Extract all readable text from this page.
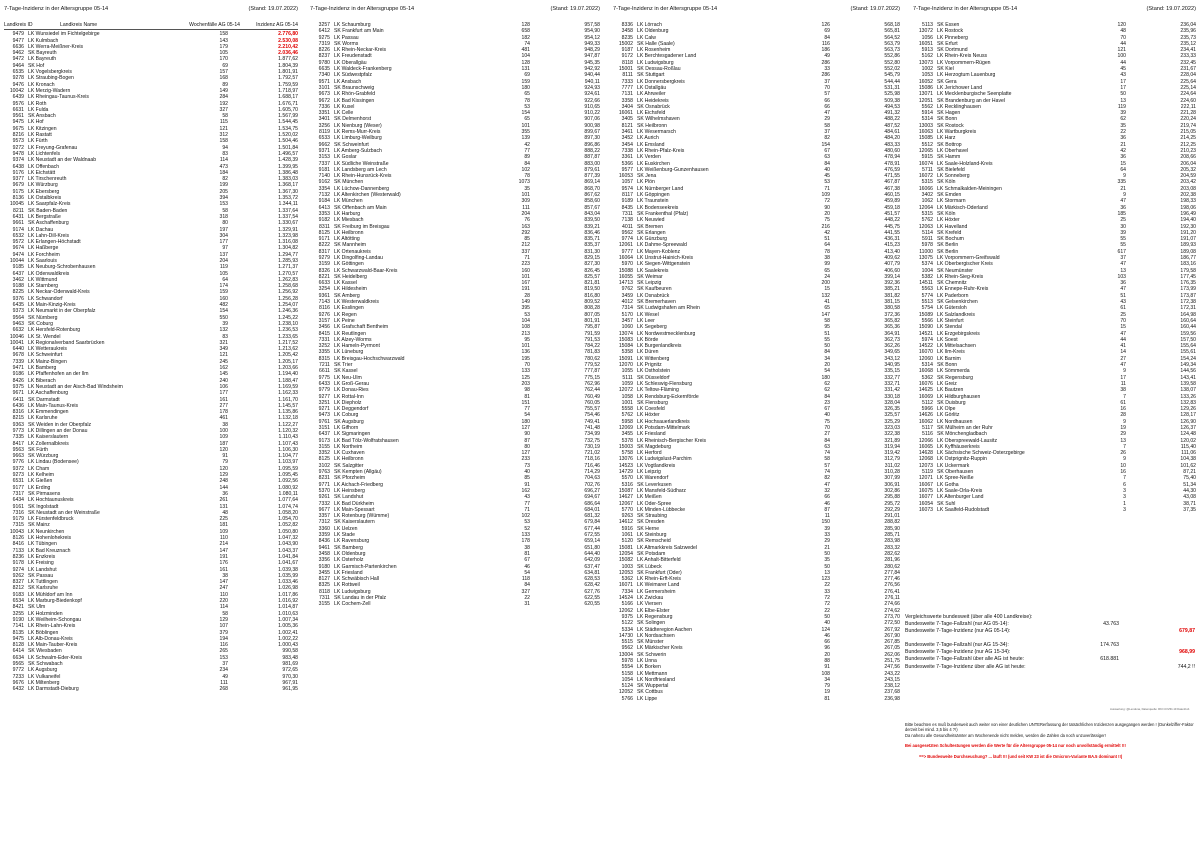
7-Tage-Inzidenz in der Altersgruppe 05-14	(Stand: 19.07.2022) 7-Tage-Inzidenz in der Altersgruppe 05-14	(Stand: 19.07.2022) 7-Tage-Inzidenz in der Altersgruppe 05-14	(Stand: 19.07.2022) 7-Tage-Inzidenz in der Altersgruppe 05-14	(Stand: 19.07.2022)
Landkreis ID	Landkreis Name	Wochenfälle AG 05-14	Inzidenz AG 05-14
9479 LK Wunsiedel im Fichtelgebirge	158	2.776,80
9477 LK Kulmbach	143	2.530,08
6636 LK Werra-Meißner-Kreis	179	2.210,42
9462 SK Bayreuth	105	2.036,46
9472 LK Bayreuth	170	1.877,62
9464 SK Hof	69	1.804,39
6535 LK Vogelsbergkreis	157	1.801,91
9278 LK Straubing-Bogen	168	1.792,57
9476 LK Kronach	89	1.759,59
10042 LK Merzig-Wadern	149	1.718,97
6439 LK Rheingau-Taunus-Kreis	284	1.688,17
9576 LK Roth	192	1.676,71
6631 LK Fulda	327	1.605,70
9561 SK Ansbach	58	1.567,99
9475 LK Hof	115	1.544,45
9675 LK Kitzingen	121	1.534,75
8216 LK Rastatt	312	1.520,02
9573 LK Fürth	158	1.504,46
9272 LK Freyung-Grafenau	94	1.501,84
9478 LK Lichtenfels	83	1.496,57
9374 LK Neustadt an der Waldnaab	114	1.428,39
6438 LK Offenbach	473	1.399,95
9176 LK Eichstätt	184	1.386,48
9377 LK Tirschenreuth	82	1.383,03
9679 LK Würzburg	199	1.368,17
9175 LK Ebersberg	205	1.367,30
8136 LK Ostalbkreis	394	1.353,72
10045 LK Saarpfalz-Kreis	153	1.344,11
8211 SK Baden-Baden	58	1.337,64
6431 LK Bergstraße	318	1.337,54
9661 SK Aschaffenburg	80	1.330,67
9174 LK Dachau	197	1.329,91
6532 LK Lahn-Dill-Kreis	304	1.323,98
9572 LK Erlangen-Höchstadt	177	1.316,08
9674 LK Haßberge	97	1.304,82
9474 LK Forchheim	137	1.294,77
10044 LK Saarlouis	204	1.285,93
9185 LK Neuburg-Schrobenhausen	119	1.271,37
6437 LK Odenwaldkreis	105	1.270,57
3462 LK Wittmund	64	1.262,83
9188 LK Starnberg	174	1.258,68
8225 LK Neckar-Odenwald-Kreis	159	1.256,92
9376 LK Schwandorf	160	1.256,28
6435 LK Main-Kinzig-Kreis	482	1.254,07
9373 LK Neumarkt in der Oberpfalz	154	1.246,36
9564 SK Nürnberg	550	1.245,22
9463 SK Coburg	39	1.238,10
6632 LK Hersfeld-Rotenburg	132	1.236,53
10046 LK St. Wendel	83	1.233,65
10041 LK Regionalverband Saarbrücken	321	1.217,52
6440 LK Wetteraukreis	349	1.213,62
9678 LK Schweinfurt	121	1.205,42
7339 LK Mainz-Bingen	245	1.205,17
9471 LK Bamberg	162	1.203,66
9186 LK Pfaffenhofen an der Ilm	145	1.194,40
8426 LK Biberach	240	1.188,47
9375 LK Neustadt an der Aisch-Bad Windsheim	106	1.169,59
9671 LK Aschaffenburg	177	1.162,33
6411 SK Darmstadt	161	1.161,70
6436 LK Main-Taunus-Kreis	277	1.145,57
8316 LK Emmendingen	178	1.135,86
8215 LK Karlsruhe	461	1.132,18
9363 SK Weiden in der Oberpfalz	38	1.122,27
9773 LK Dillingen an der Donau	100	1.120,32
7335 LK Kaiserslautern	109	1.110,43
8417 LK Zollernalbkreis	187	1.107,43
9563 SK Fürth	120	1.106,30
9663 SK Würzburg	91	1.104,77
9776 LK Lindau (Bodensee)	79	1.103,97
9372 LK Cham	120	1.095,59
9273 LK Kelheim	129	1.095,45
6531 LK Gießen	248	1.092,56
9177 LK Erding	144	1.080,92
7317 SK Pirmasens	36	1.080,11
6434 LK Hochtaunuskreis	261	1.077,64
9161 SK Ingolstadt	131	1.074,74
7316 SK Neustadt an der Weinstraße	48	1.058,20
9179 LK Fürstenfeldbruck	225	1.054,70
7315 SK Mainz	181	1.052,82
10043 LK Neunkirchen	109	1.050,80
8126 LK Hohenlohekreis	110	1.047,32
8416 LK Tübingen	214	1.043,90
7133 LK Bad Kreuznach	147	1.043,37
8236 LK Enzkreis	191	1.041,84
9178 LK Freising	176	1.041,67
9274 LK Landshut	161	1.039,38
9262 SK Passau	38	1.035,99
8327 LK Tuttlingen	147	1.033,46
8212 SK Karlsruhe	247	1.026,98
9183 LK Mühldorf am Inn	110	1.017,86
6534 LK Marburg-Biedenkopf	220	1.016,92
8421 SK Ulm	114	1.014,87
3255 LK Holzminden	58	1.010,63
9190 LK Weilheim-Schongau	129	1.007,34
7141 LK Rhein-Lahn-Kreis	107	1.005,36
8135 LK Böblingen	379	1.002,41
9475 LK Alb-Donau-Kreis	194	1.002,22
8128 LK Main-Tauber-Kreis	116	1.000,43
6414 SK Wiesbaden	265	990,58
6634 LK Schwalm-Eder-Kreis	153	983,48
9565 SK Schwabach	37	981,69
9772 LK Augsburg	234	972,65
7233 LK Vulkaneifel	49	970,30
9676 LK Miltenberg	111	967,91
6432 LK Darmstadt-Dieburg	268	961,95
3257 LK Schaumburg	128	957,58
6412 SK Frankfurt am Main	658	954,90
9275 LK Passau	182	954,12
7319 SK Worms	74	949,33
8226 LK Rhein-Neckar-Kreis	481	948,29
8237 LK Freudenstadt	104	947,87
9780 LK Oberallgäu	128	945,35
6635 LK Waldeck-Frankenberg	131	942,92
7340 LK Südwestpfalz	69	940,44
9571 LK Ansbach	159	940,11
3101 SK Braunschweig	180	924,93
9673 LK Rhön-Grabfeld	65	924,61
9672 LK Bad Kissingen	78	922,66
7336 LK Kusel	53	910,65
3351 LK Celle	154	910,22
3401 SK Delmenhorst	65	907,06
3256 LK Nienburg (Weser)	101	900,98
8119 LK Rems-Murr-Kreis	355	899,67
6533 LK Limburg-Weilburg	139	897,30
9662 SK Schweinfurt	42	896,86
9371 LK Amberg-Sulzbach	77	888,22
3153 LK Goslar	89	887,87
7337 LK Südliche Weinstraße	84	883,00
9181 LK Landsberg am Lech	102	879,61
7140 LK Rhein-Hunsrück-Kreis	78	877,39
9162 SK München	1073	869,14
3354 LK Lüchow-Dannenberg	35	868,70
7132 LK Altenkirchen (Westerwald)	101	867,62
9184 LK München	309	858,60
6413 SK Offenbach am Main	111	857,67
3353 LK Harburg	204	843,04
9182 LK Miesbach	76	839,50
8311 SK Freiburg im Breisgau	163	839,21
8125 LK Heilbronn	292	836,46
9171 LK Altötting	85	835,71
8222 SK Mannheim	212	835,37
8317 LK Ortenaukreis	337	831,30
9279 LK Dingolfing-Landau	71	829,15
3159 LK Göttingen	223	827,30
8326 LK Schwarzwald-Baar-Kreis	160	826,45
8221 SK Heidelberg	101	825,57
6633 LK Kassel	167	821,81
3254 LK Hildesheim	191	819,50
9361 SK Amberg	28	816,80
7143 LK Westerwaldkreis	149	809,52
8116 LK Esslingen	395	808,28
9276 LK Regen	53	807,05
3157 LK Peine	104	801,91
3456 LK Grafschaft Bentheim	108	795,87
8415 LK Reutlingen	213	791,59
7331 LK Alzey-Worms	95	791,53
3252 LK Hameln-Pyrmont	101	784,22
3355 LK Lüneburg	136	781,83
8315 LK Breisgau-Hochschwarzwald	195	780,62
7211 SK Trier	70	779,52
6611 SK Kassel	133	777,87
9775 LK Neu-Ulm	125	775,15
6433 LK Groß-Gerau	203	762,96
9779 LK Donau-Ries	98	762,44
9277 LK Rottal-Inn	81	760,49
3251 LK Diepholz	151	760,05
9271 LK Deggendorf	77	755,57
9473 LK Coburg	54	754,46
9761 SK Augsburg	180	749,41
3151 LK Gifhorn	127	741,48
6437 LK Sigmaringen	90	734,99
9173 LK Bad Tölz-Wolfratshausen	87	732,75
3155 LK Northeim	80	730,19
3352 LK Cuxhaven	127	721,02
8125 LK Heilbronn	233	718,16
3102 SK Salzgitter	73	716,46
9763 SK Kempten (Allgäu)	40	714,29
8231 SK Pforzheim	85	704,63
9771 LK Aichach-Friedberg	91	702,76
5370 LK Heinsberg	162	696,27
9261 SK Landshut	43	694,67
7332 LK Bad Dürkheim	77	686,64
9677 LK Main-Spessart	71	684,01
3357 LK Rotenburg (Wümme)	102	681,32
7312 SK Kaiserslautern	53	679,84
3360 LK Uelzen	52	677,44
3359 LK Stade	133	672,55
8436 LK Ravensburg	178	659,14
9461 SK Bamberg	38	651,80
3458 LK Oldenburg	81	644,40
3356 LK Osterholz	67	642,09
9180 LK Garmisch-Partenkirchen	46	637,47
3455 LK Friesland	54	634,81
8127 LK Schwäbisch Hall	118	628,53
8325 LK Rottweil	84	628,42
8118 LK Ludwigsburg	327	627,76
7311 SK Landau in der Pfalz	22	622,55
3155 LK Cochem-Zell	31	620,55
8336 LK Lörrach	126	568,18
3458 LK Oldenburg	69	565,81
8235 LK Calw	84	564,52
15002 SK Halle (Saale)	116	563,79
9187 LK Rosenheim	186	563,73
9172 LK Berchtesgadener Land	49	552,86
8118 LK Ludwigsburg	286	552,80
15001 SK Dessau-Roßlau	33	552,02
8111 SK Stuttgart	286	545,79
7333 LK Donnersbergkreis	37	544,44
7777 LK Ostallgäu	70	531,31
7131 LK Ahrweiler	57	525,98
3358 LK Heidekreis	66	509,38
3404 SK Osnabrück	66	494,53
16061 LK Eichsfeld	47	491,32
3405 SK Wilhelmshaven	29	488,22
8121 SK Heilbronn	58	487,52
3461 LK Wesermarsch	37	484,61
3452 LK Aurich	82	484,20
3454 LK Emsland	154	483,33
7338 LK Rhein-Pfalz-Kreis	67	480,60
3361 LK Verden	63	478,94
5366 LK Euskirchen	84	478,91
9577 LK Weißenburg-Gunzenhausen	40	476,59
16053 SK Jena	45	471,55
1057 LK Plön	53	467,87
9574 LK Nürnberger Land	71	467,38
8117 LK Göppingen	109	460,15
9189 LK Traunstein	72	459,89
8435 LK Bodenseekreis	90	459,18
7311 SK Frankenthal (Pfalz)	20	451,57
7138 LK Neuwied	75	448,22
4011 SK Bremen	216	445,75
9562 SK Erlangen	42	441,55
9774 LK Günzburg	51	436,31
12061 LK Dahme-Spreewald	64	415,23
9777 LK Mayen-Koblenz	78	413,40
16064 LK Unstrut-Hainich-Kreis	38	409,62
5970 LK Siegen-Wittgenstein	99	407,79
15088 LK Saalekreis	65	406,60
16055 SK Weimar	24	399,14
14713 SK Leipzig	200	392,36
9762 SK Kaufbeuren	15	385,21
3459 LK Osnabrück	132	381,82
4012 SK Bremerhaven	41	381,15
7314 SK Ludwigshafen am Rhein	65	380,58
5170 LK Wesel	147	372,36
3457 LK Leer	58	365,82
1060 LK Segeberg	95	365,36
13074 LK Nordwestmecklenburg	51	364,91
15083 LK Börde	55	362,73
15084 LK Burgenlandkreis	50	362,26
5358 LK Düren	84	349,65
15091 LK Wittenberg	34	343,12
12070 LK Prignitz	20	340,95
1055 LK Ostholstein	54	335,15
5111 SK Düsseldorf	180	332,77
1059 LK Schleswig-Flensburg	62	332,71
12072 LK Teltow-Fläming	62	331,42
1058 LK Rendsburg-Eckernförde	84	330,18
1001 SK Flensburg	23	328,04
5558 LK Coesfeld	67	326,35
5762 LK Höxter	40	325,57
5958 LK Hochsauerlandkreis	75	325,29
12069 LK Potsdam-Mittelmark	70	323,03
3455 LK Friesland	27	322,38
5378 LK Rheinisch-Bergischer Kreis	84	321,89
15003 SK Magdeburg	63	319,94
5758 LK Herford	74	319,42
13076 LK Ludwigslust-Parchim	58	312,79
14523 LK Vogtlandkreis	57	311,02
14729 LK Leipzig	74	310,28
5570 LK Warendorf	82	307,99
5316 SK Leverkusen	47	306,91
15087 LK Mansfeld-Südharz	32	302,86
14627 LK Meißen	66	295,88
12067 LK Oder-Spree	46	295,72
5770 LK Minden-Lübbecke	87	292,29
9263 SK Straubing	11	291,01
14612 SK Dresden	150	288,82
5916 SK Herne	39	285,90
1061 LK Steinburg	33	285,71
5120 SK Remscheid	29	283,98
15081 LK Altmarkkreis Salzwedel	21	283,32
12054 SK Potsdam	50	282,62
15082 LK Anhalt-Bitterfeld	35	281,96
1003 SK Lübeck	50	280,62
12053 SK Frankfurt (Oder)	13	277,84
5362 LK Rhein-Erft-Kreis	123	277,46
16071 LK Weimarer Land	22	276,56
7334 LK Germersheim	33	276,41
14524 LK Zwickau	72	276,11
5166 LK Viersen	72	274,66
12062 LK Elbe-Elster	22	274,62
9375 LK Regensburg	50	273,70
5122 SK Solingen	40	272,50
5334 LK Städteregion Aachen	124	267,92
14730 LK Nordsachsen	46	267,90
5515 SK Münster	66	267,85
9562 LK Märkischer Kreis	96	267,05
13004 SK Schwerin	20	262,06
5978 LK Unna	88	251,75
5554 LK Borken	91	247,56
5158 LK Mettmann	108	243,22
1054 LK Nordfriesland	34	243,15
5124 SK Wuppertal	79	238,12
12052 SK Cottbus	19	237,68
5766 LK Lippe	81	236,98
5113 SK Essen	120	236,04
13072 LK Rostock	48	235,96
1056 LK Pinneberg	70	235,73
16051 SK Erfurt	44	235,12
5913 SK Dortmund	121	234,41
5162 LK Rhein-Kreis Neuss	100	233,33
13073 LK Vorpommern-Rügen	44	232,45
1002 SK Kiel	45	231,67
1053 LK Herzogtum Lauenburg	43	228,04
16052 SK Gera	17	225,64
15086 LK Jerichower Land	17	225,14
13071 LK Mecklenburgische Seenplatte	50	224,64
12051 SK Brandenburg an der Havel	13	224,60
5562 LK Recklinghausen	119	222,11
5914 SK Hagen	39	221,28
5314 SK Bonn	62	220,24
13003 SK Rostock	35	219,74
16063 LK Wartburgkreis	22	215,05
15085 LK Harz	36	214,25
5512 SK Bottrop	21	212,25
12065 LK Oberhavel	42	210,23
5915 SK Hamm	36	208,66
16074 LK Saale-Holzland-Kreis	15	206,04
5711 SK Bielefeld	64	205,32
16072 LK Sonneberg	9	204,59
5315 SK Köln	335	203,42
16066 LK Schmalkalden-Meiningen	21	203,08
3402 SK Emden	9	202,38
1062 LK Stormarn	47	198,33
12064 LK Märkisch-Oderland	36	198,06
5315 SK Köln	185	196,49
5762 LK Höxter	25	194,40
12063 LK Havelland	30	192,30
5114 SK Krefeld	39	191,20
5911 SK Bochum	55	191,07
5978 SK Berlin	55	189,93
11000 SK Berlin	617	189,08
13075 LK Vorpommern-Greifswald	37	186,77
5374 LK Oberbergischer Kreis	47	183,16
1004 SK Neumünster	13	179,58
5382 LK Rhein-Sieg-Kreis	103	177,45
14511 SK Chemnitz	36	176,35
5563 LK Ennepe-Ruhr-Kreis	47	173,99
5774 LK Paderborn	51	173,87
5513 SK Gelsenkirchen	43	172,38
5754 LK Gütersloh	61	172,31
15089 LK Salzlandkreis	25	164,98
5566 LK Steinfurt	70	160,64
15090 LK Stendal	15	160,44
14521 LK Erzgebirgskreis	47	159,56
5974 LK Soest	44	157,50
14522 LK Mittelsachsen	41	155,64
16070 LK Ilm-Kreis	14	155,61
12060 LK Barnim	27	154,24
5314 SK Bonn	47	149,34
16068 LK Sömmerda	9	144,56
5362 SK Regensburg	17	143,41
16076 LK Greiz	11	139,58
14625 LK Bautzen	38	138,07
16069 LK Hildburghausen	7	133,26
5112 SK Duisburg	61	132,83
5966 LK Olpe	16	129,26
14626 LK Görlitz	28	128,17
16062 LK Nordhausen	9	126,90
5117 SK Mülheim an der Ruhr	19	126,37
5116 SK Mönchengladbach	29	124,48
12066 LK Oberspreewald-Lausitz	13	120,02
16065 LK Kyffhäuserkreis	7	115,40
14628 LK Sächsische Schweiz-Osterzgebirge	26	111,06
12068 LK Ostprignitz-Ruppin	9	104,38
12073 LK Uckermark	10	101,62
5119 SK Oberhausen	16	87,21
12071 LK Spree-Neiße	7	75,40
16067 LK Gotha	6	51,34
16075 LK Saale-Orla-Kreis	3	44,30
16077 LK Altenburger Land	3	43,08
16054 SK Suhl	1	38,71
16073 LK Saalfeld-Rudolstadt	3	37,35
Vergleichswerte bundesweit (über alle 400 Landkreise):
Bundesweite 7-Tage-Fallzahl (nur AG 05-14):	43.763
Bundesweite 7-Tage-Inzidenz (nur AG 05-14):	679,87
Bundesweite 7-Tage-Fallzahl (nur AG 15-34):	174.763
Bundesweite 7-Tage-Inzidenz (nur AG 15-34):	968,99
Bundesweite 7-Tage-Fallzahl über alle AG ist heute:	618.881
Bundesweite 7-Tage-Inzidenz über alle AG ist heute:	744,2 !!
Auswertung: @Lenduna, Datenquelle: RKI COVID-19 Datenhub
Bitte beachten es muß bundesweit auch weiter von einer deutlichen UNTERerfassung der tatsächlichen Inzidenzen ausgegangen werden ! (Dunkelziffer-Faktor derzeit bei mind. 3,5 bis 4 ?!)
Da nahezu alle Gesundheitsämter am Wochenende nicht melden, werden die Zahlen da noch unzuverlässiger!
Bei ausgesetzten Schultestungen werden die Werte für die Altersgruppe 05-14 nur noch unvollständig ermittelt !!!
==> Bundesweite Durchseuchung? ... läuft !!! (und seit KW 23 ist die Omicron-Variante BA.5 dominant !!)
